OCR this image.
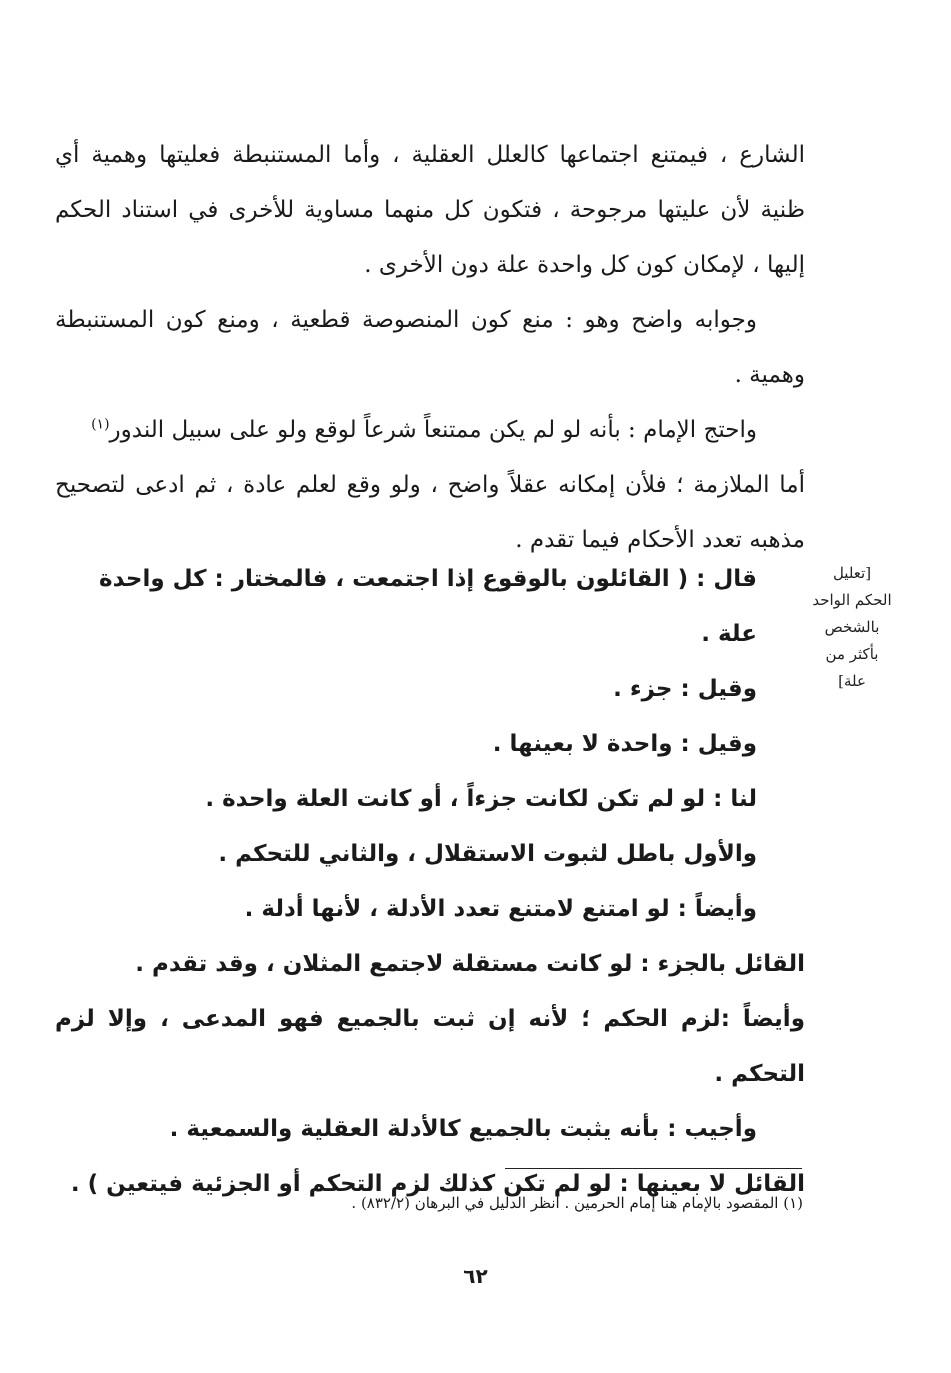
الشارع ، فيمتنع اجتماعها كالعلل العقلية ، وأما المستنبطة فعليتها وهمية أي ظنية لأن عليتها مرجوحة ، فتكون كل منهما مساوية للأخرى في استناد الحكم إليها ، لإمكان كون كل واحدة علة دون الأخرى .

وجوابه واضح وهو : منع كون المنصوصة قطعية ، ومنع كون المستنبطة وهمية .

واحتج الإمام : بأنه لو لم يكن ممتنعاً شرعاً لوقع ولو على سبيل الندور$^{(١)}$

أما الملازمة ؛ فلأن إمكانه عقلاً واضح ، ولو وقع لعلم عادة ، ثم ادعى لتصحيح مذهبه تعدد الأحكام فيما تقدم .

قال : ( القائلون بالوقوع إذا اجتمعت ، فالمختار : كل واحدة علة .

وقيل : جزء .

وقيل : واحدة لا بعينها .

لنا : لو لم تكن لكانت جزءاً ، أو كانت العلة واحدة .

والأول باطل لثبوت الاستقلال ، والثاني للتحكم .

وأيضاً : لو امتنع لامتنع تعدد الأدلة ، لأنها أدلة .

القائل بالجزء : لو كانت مستقلة لاجتمع المثلان ، وقد تقدم .

وأيضاً :لزم الحكم ؛ لأنه إن ثبت بالجميع فهو المدعى ، وإلا لزم

التحكم .

وأجيب : بأنه يثبت بالجميع كالأدلة العقلية والسمعية .

القائل لا بعينها : لو لم تكن كذلك لزم التحكم أو الجزئية فيتعين ) .

[تعليل
الحكم الواحد
بالشخص
بأكثر من
علة]

(١) المقصود بالإمام هنا إمام الحرمين . انظر الدليل في البرهان (٨٣٢/٢) .

٦٢
